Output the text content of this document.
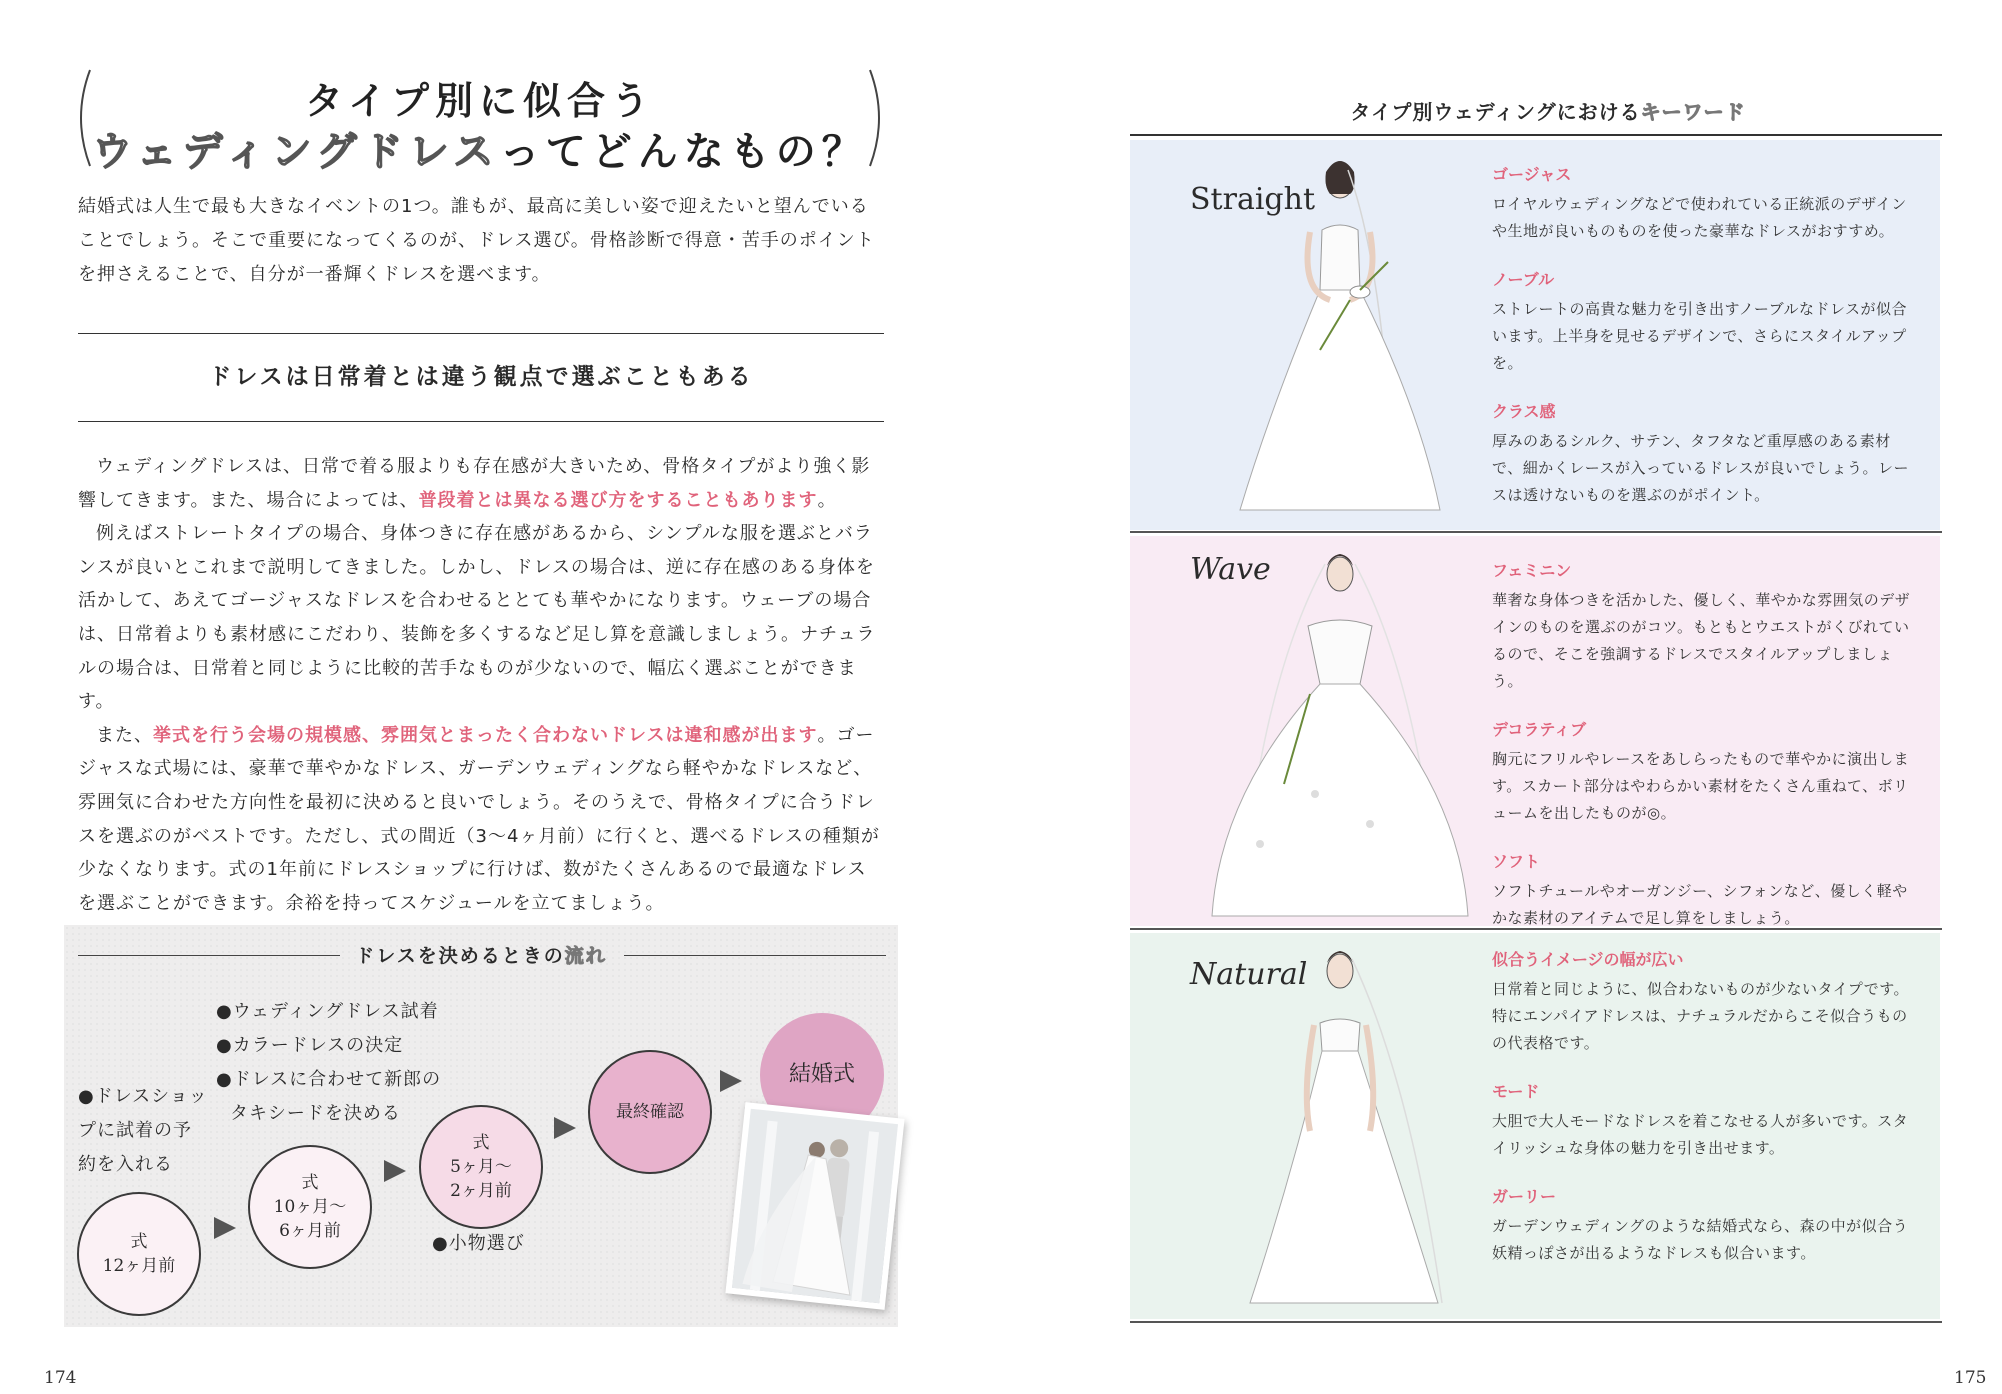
タイプ別に似合う
ウェディングドレスってどんなもの？

結婚式は人生で最も大きなイベントの1つ。誰もが、最高に美しい姿で迎えたいと望んでいることでしょう。そこで重要になってくるのが、ドレス選び。骨格診断で得意・苦手のポイントを押さえることで、自分が一番輝くドレスを選べます。

ドレスは日常着とは違う観点で選ぶこともある

ウェディングドレスは、日常で着る服よりも存在感が大きいため、骨格タイプがより強く影響してきます。また、場合によっては、普段着とは異なる選び方をすることもあります。

例えばストレートタイプの場合、身体つきに存在感があるから、シンプルな服を選ぶとバランスが良いとこれまで説明してきました。しかし、ドレスの場合は、逆に存在感のある身体を活かして、あえてゴージャスなドレスを合わせるととても華やかになります。ウェーブの場合は、日常着よりも素材感にこだわり、装飾を多くするなど足し算を意識しましょう。ナチュラルの場合は、日常着と同じように比較的苦手なものが少ないので、幅広く選ぶことができます。

また、挙式を行う会場の規模感、雰囲気とまったく合わないドレスは違和感が出ます。ゴージャスな式場には、豪華で華やかなドレス、ガーデンウェディングなら軽やかなドレスなど、雰囲気に合わせた方向性を最初に決めると良いでしょう。そのうえで、骨格タイプに合うドレスを選ぶのがベストです。ただし、式の間近（3～4ヶ月前）に行くと、選べるドレスの種類が少なくなります。式の1年前にドレスショップに行けば、数がたくさんあるので最適なドレスを選ぶことができます。余裕を持ってスケジュールを立てましょう。

ドレスを決めるときの流れ
●ドレスショッ
プに試着の予
約を入れる
●ウェディングドレス試着
●カラードレスの決定
●ドレスに合わせて新郎の
タキシードを決める
●小物選び
式
12ヶ月前
式
10ヶ月～
6ヶ月前
式
5ヶ月～
2ヶ月前
最終確認
結婚式
174
タイプ別ウェディングにおけるキーワード
Straight
ゴージャス
ロイヤルウェディングなどで使われている正統派のデザインや生地が良いものものを使った豪華なドレスがおすすめ。
ノーブル
ストレートの高貴な魅力を引き出すノーブルなドレスが似合います。上半身を見せるデザインで、さらにスタイルアップを。
クラス感
厚みのあるシルク、サテン、タフタなど重厚感のある素材で、細かくレースが入っているドレスが良いでしょう。レースは透けないものを選ぶのがポイント。
Wave	フェミニン
華奢な身体つきを活かした、優しく、華やかな雰囲気のデザインのものを選ぶのがコツ。もともとウエストがくびれているので、そこを強調するドレスでスタイルアップしましょう。
デコラティブ
胸元にフリルやレースをあしらったもので華やかに演出します。スカート部分はやわらかい素材をたくさん重ねて、ボリュームを出したものが◎。
ソフト
ソフトチュールやオーガンジー、シフォンなど、優しく軽やかな素材のアイテムで足し算をしましょう。
Natural	似合うイメージの幅が広い
日常着と同じように、似合わないものが少ないタイプです。特にエンパイアドレスは、ナチュラルだからこそ似合うものの代表格です。
モード
大胆で大人モードなドレスを着こなせる人が多いです。スタイリッシュな身体の魅力を引き出せます。
ガーリー
ガーデンウェディングのような結婚式なら、森の中が似合う妖精っぽさが出るようなドレスも似合います。
175
